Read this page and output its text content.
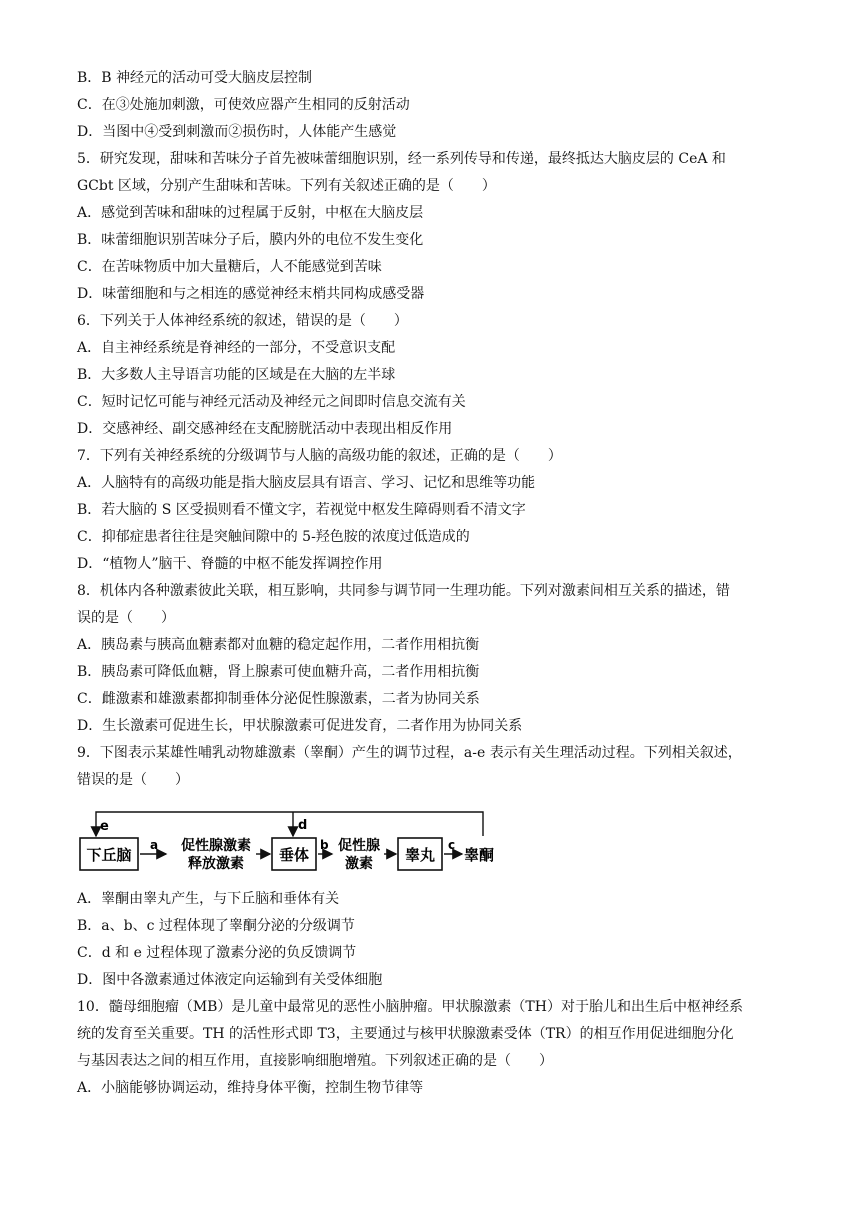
B．B 神经元的活动可受大脑皮层控制
C．在③处施加刺激，可使效应器产生相同的反射活动
D．当图中④受到刺激而②损伤时，人体能产生感觉
5．研究发现，甜味和苦味分子首先被味蕾细胞识别，经一系列传导和传递，最终抵达大脑皮层的 CeA 和
GCbt 区域，分别产生甜味和苦味。下列有关叙述正确的是（　　）
A．感觉到苦味和甜味的过程属于反射，中枢在大脑皮层
B．味蕾细胞识别苦味分子后，膜内外的电位不发生变化
C．在苦味物质中加大量糖后，人不能感觉到苦味
D．味蕾细胞和与之相连的感觉神经末梢共同构成感受器
6．下列关于人体神经系统的叙述，错误的是（　　）
A．自主神经系统是脊神经的一部分，不受意识支配
B．大多数人主导语言功能的区域是在大脑的左半球
C．短时记忆可能与神经元活动及神经元之间即时信息交流有关
D．交感神经、副交感神经在支配膀胱活动中表现出相反作用
7．下列有关神经系统的分级调节与人脑的高级功能的叙述，正确的是（　　）
A．人脑特有的高级功能是指大脑皮层具有语言、学习、记忆和思维等功能
B．若大脑的 S 区受损则看不懂文字，若视觉中枢发生障碍则看不清文字
C．抑郁症患者往往是突触间隙中的 5-羟色胺的浓度过低造成的
D．“植物人”脑干、脊髓的中枢不能发挥调控作用
8．机体内各种激素彼此关联，相互影响，共同参与调节同一生理功能。下列对激素间相互关系的描述，错
误的是（　　）
A．胰岛素与胰高血糖素都对血糖的稳定起作用，二者作用相抗衡
B．胰岛素可降低血糖，肾上腺素可使血糖升高，二者作用相抗衡
C．雌激素和雄激素都抑制垂体分泌促性腺激素，二者为协同关系
D．生长激素可促进生长，甲状腺激素可促进发育，二者作用为协同关系
9．下图表示某雄性哺乳动物雄激素（睾酮）产生的调节过程，a-e 表示有关生理活动过程。下列相关叙述，
错误的是（　　）
e	d
下丘脑	垂体	睾丸
a 促性腺激素
释放激素
b 促性腺
激素
c
睾酮
A．睾酮由睾丸产生，与下丘脑和垂体有关
B．a、b、c 过程体现了睾酮分泌的分级调节
C．d 和 e 过程体现了激素分泌的负反馈调节
D．图中各激素通过体液定向运输到有关受体细胞
10．髓母细胞瘤（MB）是儿童中最常见的恶性小脑肿瘤。甲状腺激素（TH）对于胎儿和出生后中枢神经系
统的发育至关重要。TH 的活性形式即 T3，主要通过与核甲状腺激素受体（TR）的相互作用促进细胞分化
与基因表达之间的相互作用，直接影响细胞增殖。下列叙述正确的是（　　）
A．小脑能够协调运动，维持身体平衡，控制生物节律等
